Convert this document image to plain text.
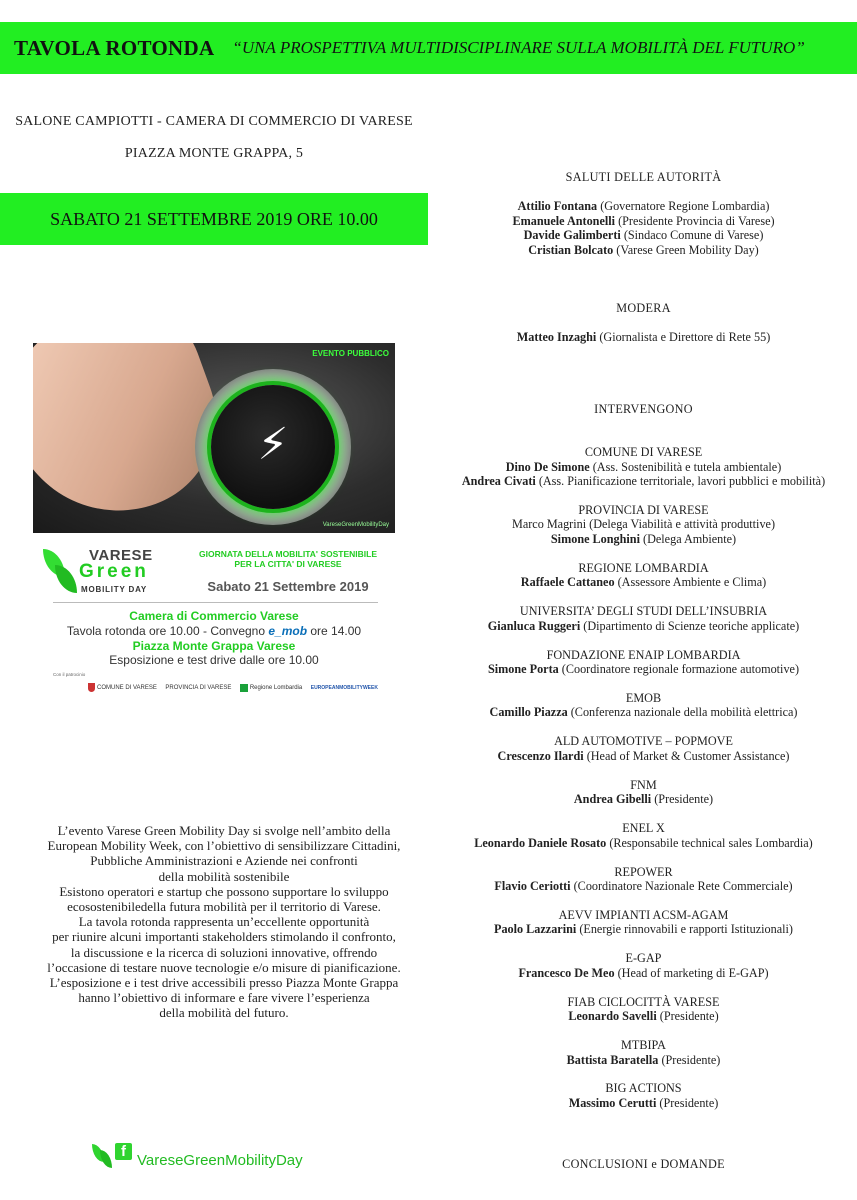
TAVOLA ROTONDA “UNA PROSPETTIVA MULTIDISCIPLINARE SULLA MOBILITÀ DEL FUTURO”
SALONE CAMPIOTTI - CAMERA DI COMMERCIO DI VARESE
PIAZZA MONTE GRAPPA, 5
SABATO 21 SETTEMBRE 2019 ORE 10.00
⚡
EVENTO PUBBLICO
VareseGreenMobilityDay
VARESE
Green
MOBILITY DAY
GIORNATA DELLA MOBILITA' SOSTENIBILE
PER LA CITTA' DI VARESE
Sabato 21 Settembre 2019
Camera di Commercio Varese
Tavola rotonda ore 10.00 - Convegno e_mob ore 14.00
Piazza Monte Grappa Varese
Esposizione e test drive dalle ore 10.00
Con il patrocinio
COMUNE DI VARESE PROVINCIA DI VARESE	Regione Lombardia EUROPEANMOBILITYWEEK
L’evento Varese Green Mobility Day si svolge nell’ambito della
European Mobility Week, con l’obiettivo di sensibilizzare Cittadini,
Pubbliche Amministrazioni e Aziende nei confronti
della mobilità sostenibile
Esistono operatori e startup che possono supportare lo sviluppo
ecosostenibiledella futura mobilità per il territorio di Varese.
La tavola rotonda rappresenta un’eccellente opportunità
per riunire alcuni importanti stakeholders stimolando il confronto,
la discussione e la ricerca di soluzioni innovative, offrendo
l’occasione di testare nuove tecnologie e/o misure di pianificazione.
L’esposizione e i test drive accessibili presso Piazza Monte Grappa
hanno l’obiettivo di informare e fare vivere l’esperienza
della mobilità del futuro.
f
VareseGreenMobilityDay
SALUTI DELLE AUTORITÀ
Attilio Fontana (Governatore Regione Lombardia)
Emanuele Antonelli (Presidente Provincia di Varese)
Davide Galimberti (Sindaco Comune di Varese)
Cristian Bolcato (Varese Green Mobility Day)
MODERA
Matteo Inzaghi (Giornalista e Direttore di Rete 55)
INTERVENGONO
COMUNE DI VARESE
Dino De Simone (Ass. Sostenibilità e tutela ambientale)
Andrea Civati (Ass. Pianificazione territoriale, lavori pubblici e mobilità)
PROVINCIA DI VARESE
Marco Magrini (Delega Viabilità e attività produttive)
Simone Longhini (Delega Ambiente)
REGIONE LOMBARDIA
Raffaele Cattaneo (Assessore Ambiente e Clima)
UNIVERSITA’ DEGLI STUDI DELL’INSUBRIA
Gianluca Ruggeri (Dipartimento di Scienze teoriche applicate)
FONDAZIONE ENAIP LOMBARDIA
Simone Porta (Coordinatore regionale formazione automotive)
EMOB
Camillo Piazza (Conferenza nazionale della mobilità elettrica)
ALD AUTOMOTIVE – POPMOVE
Crescenzo Ilardi (Head of Market & Customer Assistance)
FNM
Andrea Gibelli (Presidente)
ENEL X
Leonardo Daniele Rosato (Responsabile technical sales Lombardia)
REPOWER
Flavio Ceriotti (Coordinatore Nazionale Rete Commerciale)
AEVV IMPIANTI ACSM-AGAM
Paolo Lazzarini (Energie rinnovabili e rapporti Istituzionali)
E-GAP
Francesco De Meo (Head of marketing di E-GAP)
FIAB CICLOCITTÀ VARESE
Leonardo Savelli (Presidente)
MTBIPA
Battista Baratella (Presidente)
BIG ACTIONS
Massimo Cerutti (Presidente)
CONCLUSIONI e DOMANDE
